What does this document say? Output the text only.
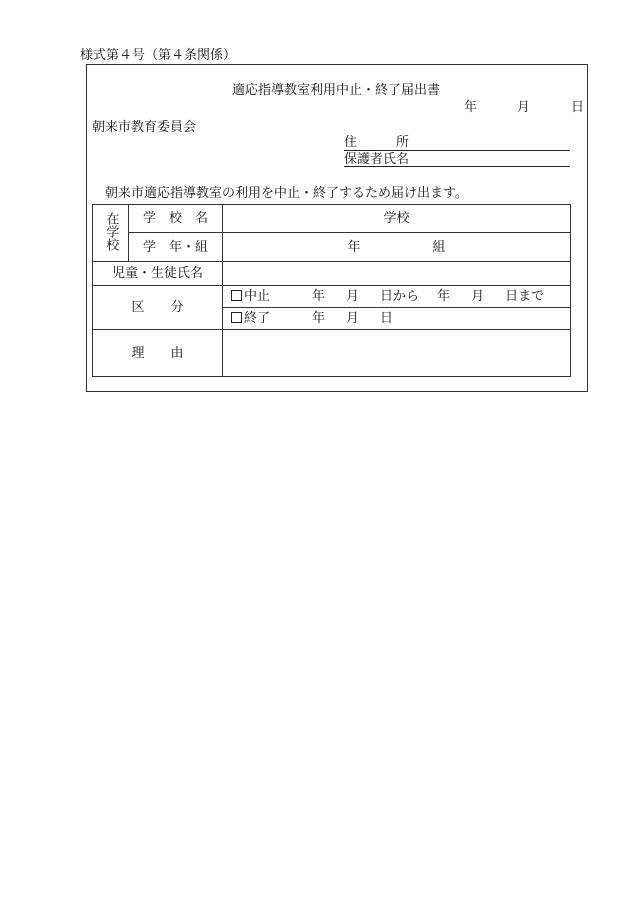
様式第４号（第４条関係）
適応指導教室利用中止・終了届出書
年	月	日
朝来市教育委員会
住　　　所
保護者氏名
朝来市適応指導教室の利用を中止・終了するため届け出ます。
在学校	学　校　名	学校
	学　年・組	年 組
児童・生徒氏名		
区　　分		中止 年 月 日から 年 月 日まで
		終了 年 月 日
理　　由		
